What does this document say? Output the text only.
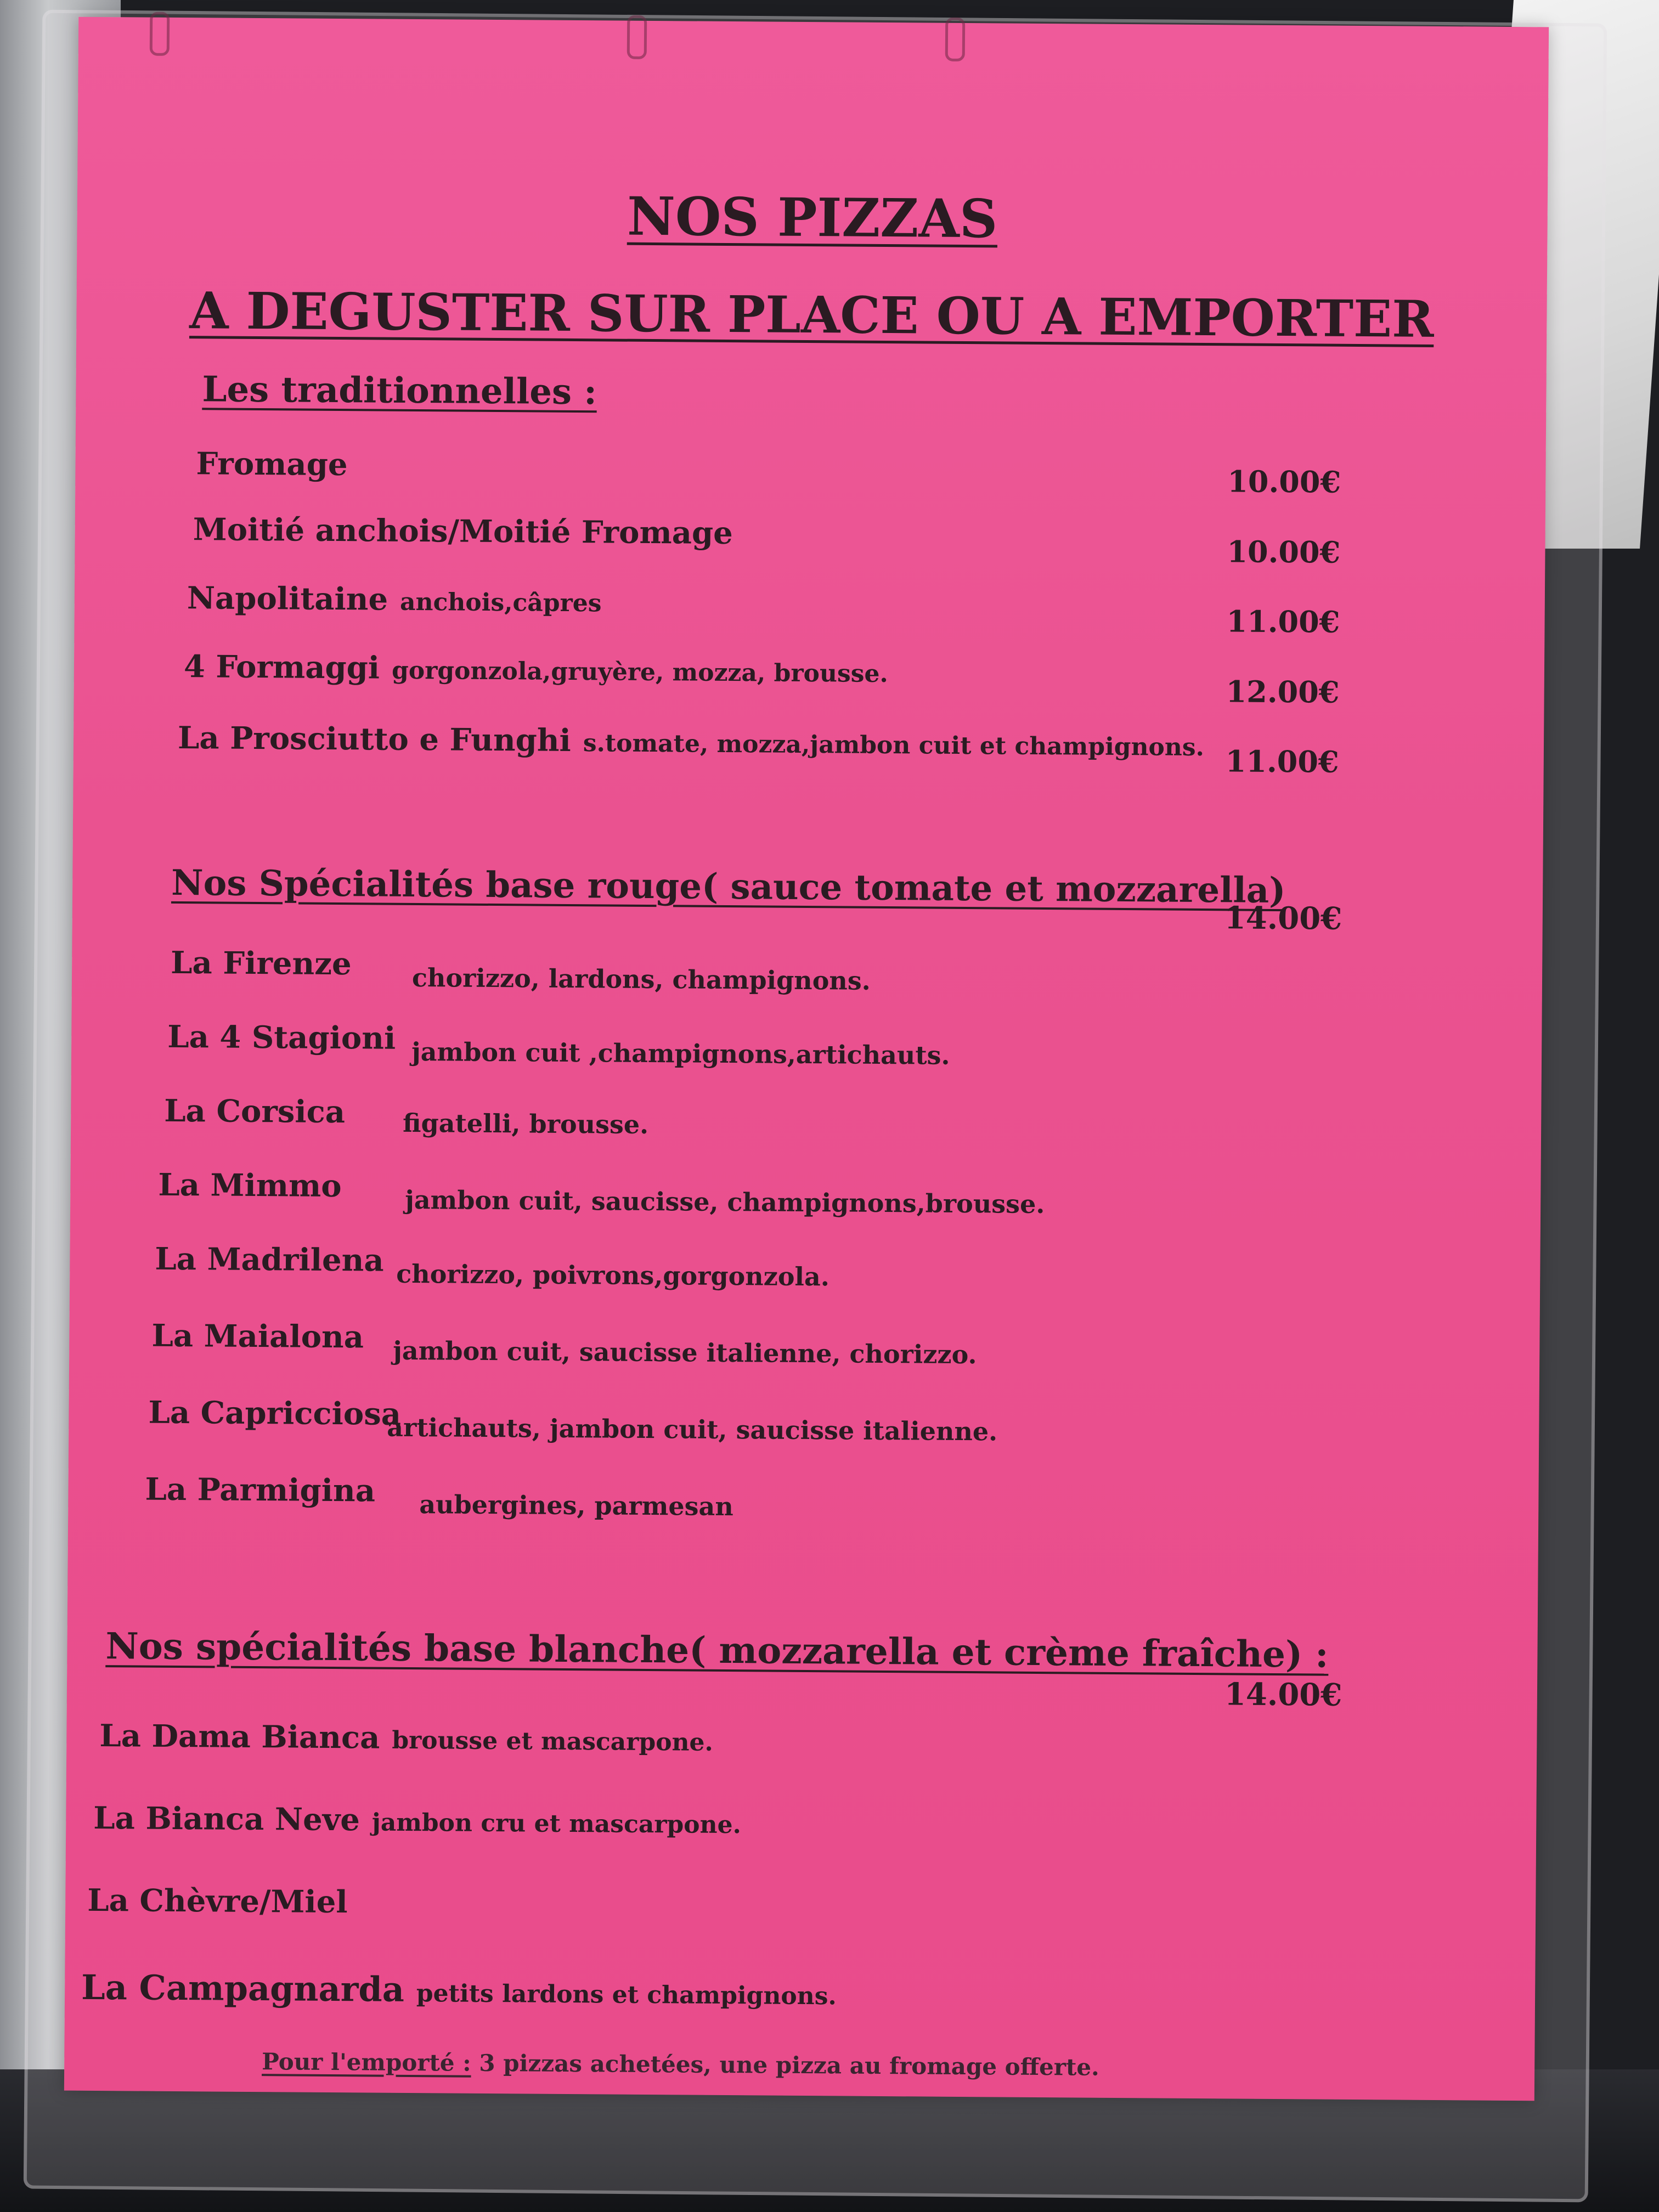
NOS PIZZAS
A DEGUSTER SUR PLACE OU A EMPORTER
Les traditionnelles :
Fromage	10.00€
Moitié anchois/Moitié Fromage
10.00€
Napolitaine anchois,câpres
11.00€
4 Formaggi gorgonzola,gruyère, mozza, brousse.
12.00€
La Prosciutto e Funghi s.tomate, mozza,jambon cuit et champignons. 11.00€
Nos Spécialités base rouge( sauce tomate et mozzarella)
14.00€
La Firenze chorizzo, lardons, champignons.
La 4 Stagioni jambon cuit ,champignons,artichauts.
La Corsica figatelli, brousse.
La Mimmo	jambon cuit, saucisse, champignons,brousse.
La Madrilena chorizzo, poivrons,gorgonzola.
La Maialona jambon cuit, saucisse italienne, chorizzo.
La Capricciosa
artichauts, jambon cuit, saucisse italienne.
La Parmigina aubergines, parmesan
Nos spécialités base blanche( mozzarella et crème fraîche) :
14.00€
La Dama Bianca brousse et mascarpone.
La Bianca Neve jambon cru et mascarpone.
La Chèvre/Miel
La Campagnarda petits lardons et champignons.
Pour l'emporté : 3 pizzas achetées, une pizza au fromage offerte.
